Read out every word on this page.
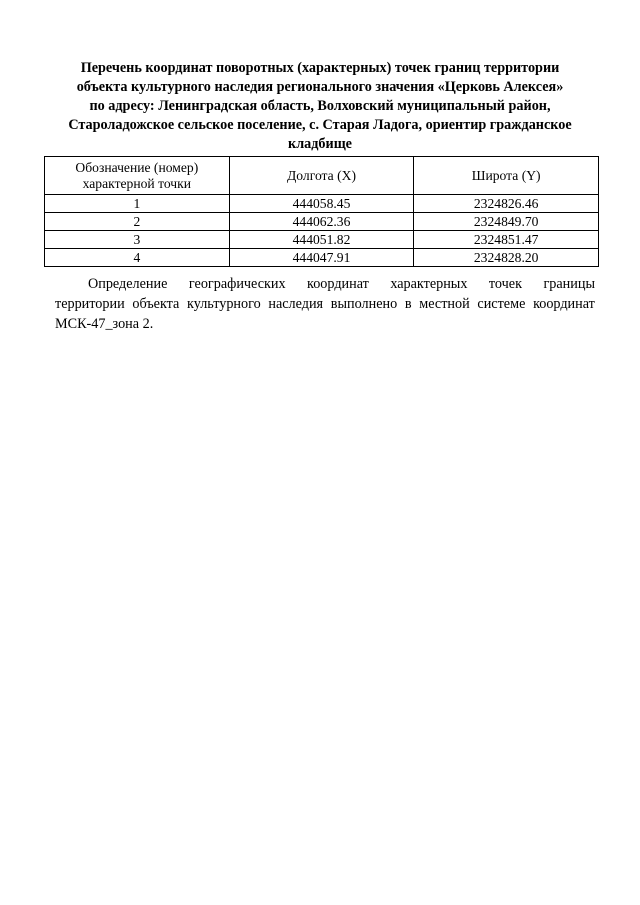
Перечень координат поворотных (характерных) точек границ территории
объекта культурного наследия регионального значения «Церковь Алексея»
по адресу: Ленинградская область, Волховский муниципальный район,
Староладожское сельское поселение, с. Старая Ладога, ориентир гражданское
кладбище
Обозначение (номер)
характерной точки	Долгота (X)	Широта (Y)
1	444058.45	2324826.46
2	444062.36	2324849.70
3	444051.82	2324851.47
4	444047.91	2324828.20
Определение географических координат характерных точек границы
территории объекта культурного наследия выполнено в местной системе координат
МСК-47_зона 2.
